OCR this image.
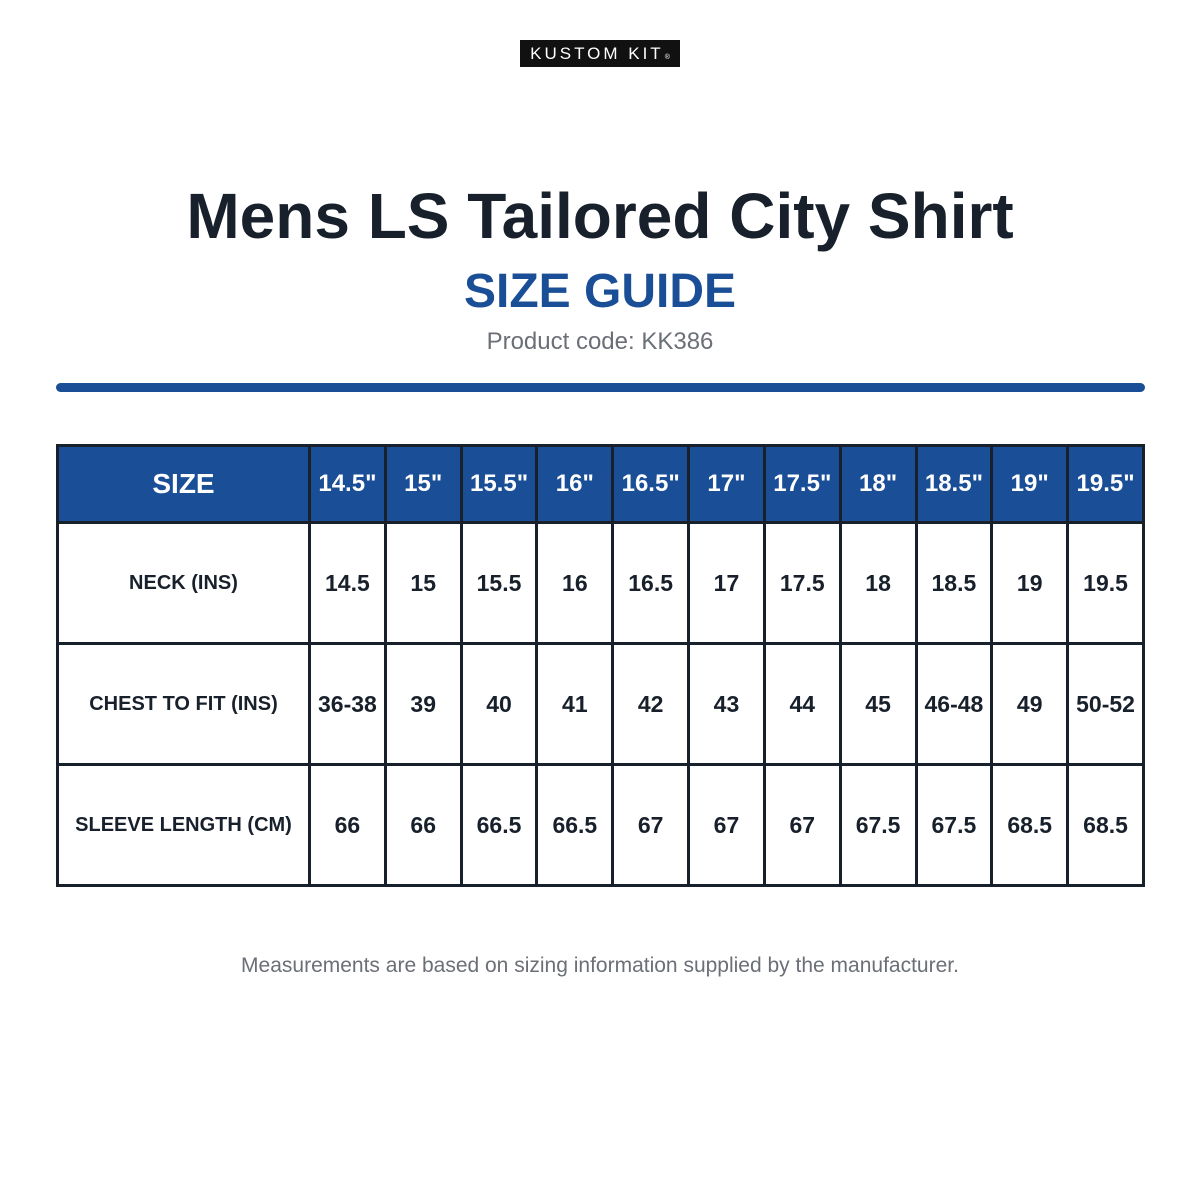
KUSTOM KIT ®
Mens LS Tailored City Shirt
SIZE GUIDE
Product code: KK386
SIZE	14.5"	15"	15.5"	16"	16.5"	17"	17.5"	18"	18.5"	19"	19.5"
NECK (INS)	14.5	15	15.5	16	16.5	17	17.5	18	18.5	19	19.5
CHEST TO FIT (INS)	36-38	39	40	41	42	43	44	45	46-48	49	50-52
SLEEVE LENGTH (CM)	66	66	66.5	66.5	67	67	67	67.5	67.5	68.5	68.5
Measurements are based on sizing information supplied by the manufacturer.
